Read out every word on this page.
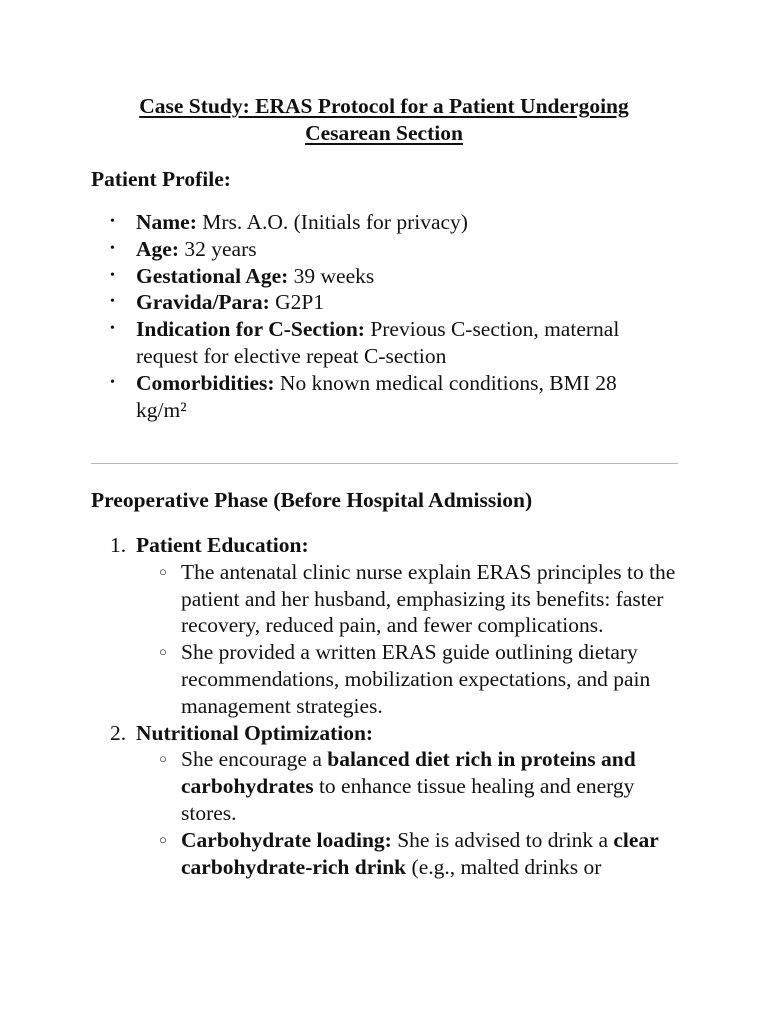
Case Study: ERAS Protocol for a Patient Undergoing
Cesarean Section
Patient Profile:
• Name: Mrs. A.O. (Initials for privacy)
• Age: 32 years
• Gestational Age: 39 weeks
• Gravida/Para: G2P1
• Indication for C-Section: Previous C-section, maternal request for elective repeat C-section
• Comorbidities: No known medical conditions, BMI 28 kg/m²
Preoperative Phase (Before Hospital Admission)
1. Patient Education:
○ The antenatal clinic nurse explain ERAS principles to the patient and her husband, emphasizing its benefits: faster recovery, reduced pain, and fewer complications.
○ She provided a written ERAS guide outlining dietary recommendations, mobilization expectations, and pain management strategies.
2. Nutritional Optimization:
○ She encourage a balanced diet rich in proteins and carbohydrates to enhance tissue healing and energy stores.
○ Carbohydrate loading: She is advised to drink a clear carbohydrate-rich drink (e.g., malted drinks or
